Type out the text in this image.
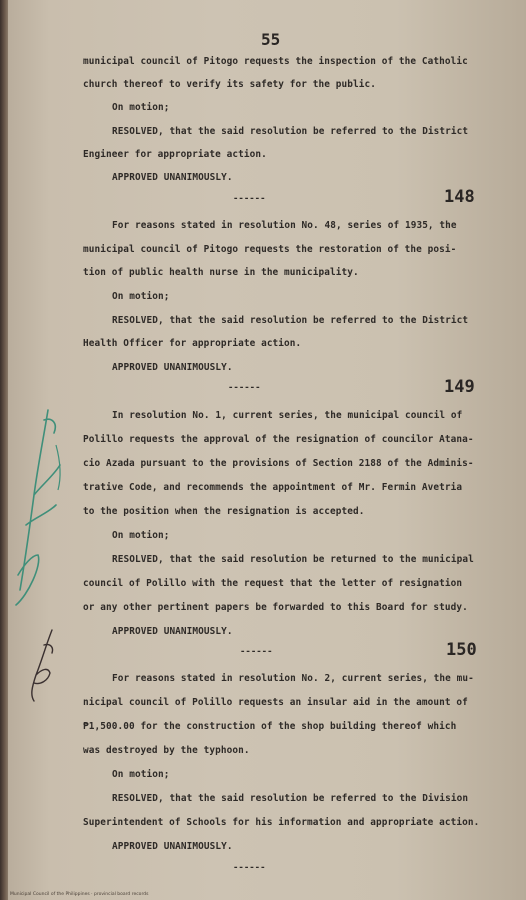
55
municipal council of Pitogo requests the inspection of the Catholic
church thereof to verify its safety for the public.
On motion;
RESOLVED, that the said resolution be referred to the District
Engineer for appropriate action.
APPROVED UNANIMOUSLY.
------	148
For reasons stated in resolution No. 48, series of 1935, the
municipal council of Pitogo requests the restoration of the posi-
tion of public health nurse in the municipality.
On motion;
RESOLVED, that the said resolution be referred to the District
Health Officer for appropriate action.
APPROVED UNANIMOUSLY.
------	149
In resolution No. 1, current series, the municipal council of
Polillo requests the approval of the resignation of councilor Atana-
cio Azada pursuant to the provisions of Section 2188 of the Adminis-
trative Code, and recommends the appointment of Mr. Fermin Avetria
to the position when the resignation is accepted.
On motion;
RESOLVED, that the said resolution be returned to the municipal
council of Polillo with the request that the letter of resignation
or any other pertinent papers be forwarded to this Board for study.
APPROVED UNANIMOUSLY.
------	150
For reasons stated in resolution No. 2, current series, the mu-
nicipal council of Polillo requests an insular aid in the amount of
₱1,500.00 for the construction of the shop building thereof which
was destroyed by the typhoon.
On motion;
RESOLVED, that the said resolution be referred to the Division
Superintendent of Schools for his information and appropriate action.
APPROVED UNANIMOUSLY.
------
Municipal Council of the Philippines · provincial board records
